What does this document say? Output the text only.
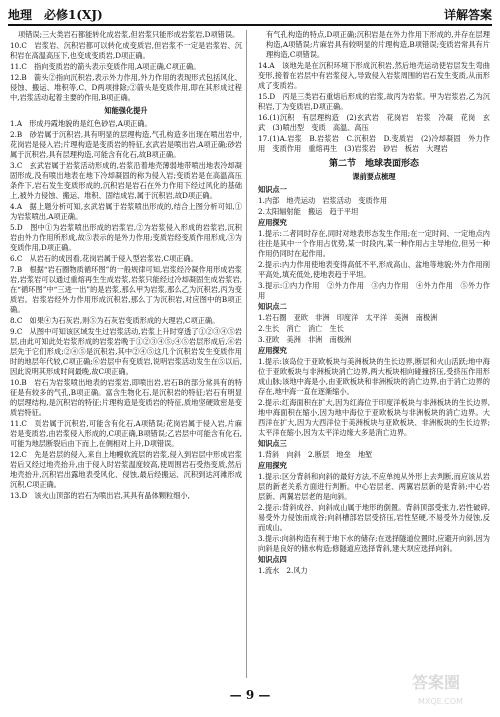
地理　必修1(XJ)	详解答案

项错误;三大类岩石都能转化成岩浆,但岩浆只能形成岩浆岩,D项错误。

10.C　岩浆岩、沉积岩都可以转化成变质岩,但岩浆不一定是岩浆岩、沉积岩在高温高压下,也变成变质岩,D项正确。

11.C　指向变质岩的箭头表示变质作用,A项正确,C项正确。

12.B　箭头②指向沉积岩,表示外力作用,外力作用的表现形式包括风化、侵蚀、搬运、堆积等,C、D两项排除;②箭头是变质作用,即在其形成过程中,岩浆活动起着主要的作用,B项正确。

知能强化提升

1.A　形成丹霞地貌的是红色砂岩,A项正确。

2.B　砂岩属于沉积岩,具有明显的层理构造,气孔构造多出现在喷出岩中,花岗岩是侵入岩;片理构造是变质岩的特征,玄武岩是喷出岩,A项正确;砂岩属于沉积岩,具有层理构造,可能含有化石,故B项正确。

3.C　玄武岩属于岩浆活动形成的,岩浆沿着地壳薄弱地带喷出地表冷却凝固形成,没有喷出地表在地下冷却凝固的称为侵入岩;变质岩是在高温高压条件下,岩石发生变质形成的,沉积岩是岩石在外力作用下经过风化的基础上,被外力侵蚀、搬运、堆积、固结成岩,属于沉积岩,故D项正确。

4.A　据上题分析可知,玄武岩属于岩浆喷出形成的,结合上图分析可知,①为岩浆喷出,A项正确。

5.D　图中①为岩浆喷出形成的岩浆岩,②为岩浆侵入形成的岩浆岩,沉积岩由外力作用所形成,故⑤表示的是外力作用;变质岩经变质作用形成,③为变质作用,D项正确。

6.C　从岩石的成因看,花岗岩属于侵入型岩浆岩,C项正确。

7.B　根据“岩石圈物质循环图”的一般规律可知,岩浆经冷凝作用形成岩浆岩,岩浆岩可以通过重熔再生生成岩浆,岩浆只能经过冷却凝固生成岩浆岩,在“循环图”中“三进一出”的是岩浆,那么甲为岩浆,那么乙为沉积岩,丙为变质岩。岩浆岩经外力作用形成沉积岩,那么丁为沉积岩,对应图中的B项正确。

8.C　如果④为石灰岩,则⑤为石灰岩变质形成的大理岩,C项正确。

9.C　从图中可知该区域发生过岩浆活动,岩浆上升时穿透了①②③④⑤岩层,由此可知此处岩浆形成的岩浆岩晚于①②③④⑤;④⑤岩层形成后,⑥岩层先于它们形成;②④⑤是沉积岩,其中②④⑤这几个沉积岩发生变质作用时的地层年代较,C项正确;⑥岩层中有变质岩,说明岩浆活动发生在⑤以后,因此说明其形成时间最晚,故C项正确。

10.B　岩石为岩浆喷出地表的岩浆岩,即喷出岩,岩石B的部分常具有的特征是有较多的气孔,B项正确。富含生物化石,是沉积岩的特征;岩石有明显的层理结构,是沉积岩的特征;片理构造是变质岩的特征,质地坚硬致密是变质岩特征。

11.C　页岩属于沉积岩,可能含有化石,A项错误;花岗岩属于侵入岩,片麻岩是变质岩,由岩浆侵入形成的,C项正确,B项错误;乙岩层中可能含有化石,可能为地层断裂后由下而上,在侧相对上升,D项错误。

12.C　先是岩层的侵入,来自上地幔软流层的岩浆,侵入到岩层中形成岩浆岩后又经过地壳抬升,由于侵入时岩浆温度较高,使周围岩石受热变质,然后地壳抬升,沉积岩出露地表受风化、侵蚀,最后经搬运、沉积到达河滩形成沉积,C项正确。

13.D　该火山顶部的岩石为喷出岩,其具有晶体颗粒细小,

有气孔构造的特点,D项正确;沉积岩是在外力作用下形成的,并存在层理构造,A项错误;片麻岩具有较明显的片理构造,B项错误;变质岩常具有片理构造,C项错误。

14.A　该地先是在沉积环境下形成沉积岩,然后地壳运动使岩层发生弯曲变形,接着在岩层中有岩浆侵入,导致侵入岩浆周围的岩石发生变质,从而形成了变质岩。

15.D　丙是三类岩石重熔后形成的岩浆,故丙为岩浆。甲为岩浆岩,乙为沉积岩,丁为变质岩,D项正确。

16.(1)沉积　有层理构造　(2)玄武岩　花岗岩　岩浆　冷凝　花岗　玄武　(3)喷出型　变质　高温、高压

17.(1)A.岩浆　B.岩浆岩　C.沉积岩　D.变质岩　(2)冷却凝固　外力作用　变质作用　重熔再生　(3)岩浆岩　砂岩　板岩　大理岩

第二节　地球表面形态
课前要点梳理

知识点一

1.内部　地壳运动　岩浆活动　变质作用

2.太阳辐射能　搬运　趋于平坦

应用探究

1.提示:二者同时存在,同时对地表形态发生作用;在一定时间、一定地点内往往是其中一个作用占优势,某一时段内,某一种作用占主导地位,但另一种作用仍同时在起作用。

2.提示:内力作用使地表变得高低不平,形成高山、盆地等地貌;外力作用削平高处,填充低处,使地表趋于平坦。

3.提示:①内力作用　②外力作用　③内力作用　④外力作用　⑤外力作用

知识点二

1.岩石圈　亚欧　非洲　印度洋　太平洋　美洲　南极洲

2.生长　消亡　消亡　生长

3.亚欧　美洲　非洲　南极洲

应用探究

1.提示:该岛位于亚欧板块与美洲板块的生长边界,断层和火山活跃;地中海位于亚欧板块与非洲板块消亡边界,两大板块相向碰撞挤压,受挤压作用形成山脉;该地中海是小,由亚欧板块和非洲板块的消亡边界,由于消亡边界的存在,地中海一直在逐渐缩小。

2.提示:红海面积在扩大,因为红海位于印度洋板块与非洲板块的生长边界,地中海面积在缩小,因为地中海位于亚欧板块与非洲板块的消亡边界。大西洋在扩大,因为大西洋位于美洲板块与亚欧板块、非洲板块的生长边界;太平洋在缩小,因为太平洋边缘大多是消亡边界。

知识点三

1.背斜　向斜　2.断层　地垒　地堑

应用探究

1.提示:区分背斜和向斜的最好方法,不应单纯从外形上去判断,而应该从岩层的新老关系方面进行判断。中心岩层老、两翼岩层新的是背斜;中心岩层新、两翼岩层老的是向斜。

2.提示:背斜成谷、向斜成山属于地形的倒置。背斜顶部受张力,岩性破碎,易受外力侵蚀而成谷;向斜槽部岩层受挤压,岩性坚硬,不易受外力侵蚀,反而成山。

3.提示:向斜构造有利于地下水的储存;在选择隧道位置时,应避开向斜,因为向斜是良好的储水构造;修隧道应选择背斜,建大坝应选择向斜。

知识点四

1.流水　2.风力

— 9 —
答案圈
MXQE.COM
